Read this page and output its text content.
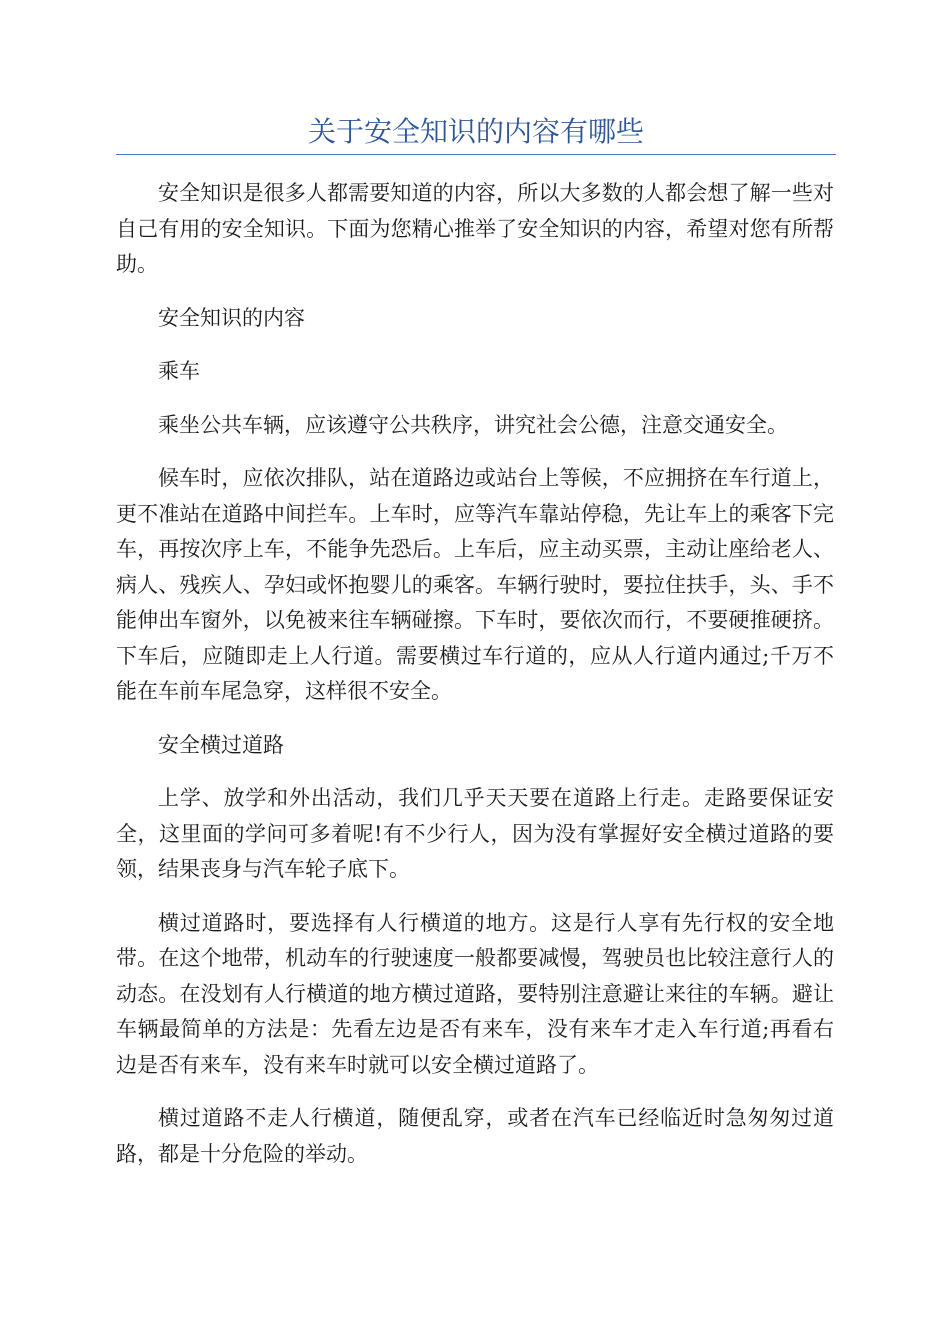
关于安全知识的内容有哪些

安全知识是很多人都需要知道的内容，所以大多数的人都会想了解一些对自己有用的安全知识。下面为您精心推举了安全知识的内容，希望对您有所帮助。

安全知识的内容

乘车

乘坐公共车辆，应该遵守公共秩序，讲究社会公德，注意交通安全。

候车时，应依次排队，站在道路边或站台上等候，不应拥挤在车行道上，更不准站在道路中间拦车。上车时，应等汽车靠站停稳，先让车上的乘客下完车，再按次序上车，不能争先恐后。上车后，应主动买票，主动让座给老人、病人、残疾人、孕妇或怀抱婴儿的乘客。车辆行驶时，要拉住扶手，头、手不能伸出车窗外，以免被来往车辆碰擦。下车时，要依次而行，不要硬推硬挤。下车后，应随即走上人行道。需要横过车行道的，应从人行道内通过;千万不能在车前车尾急穿，这样很不安全。

安全横过道路

上学、放学和外出活动，我们几乎天天要在道路上行走。走路要保证安全，这里面的学问可多着呢!有不少行人，因为没有掌握好安全横过道路的要领，结果丧身与汽车轮子底下。

横过道路时，要选择有人行横道的地方。这是行人享有先行权的安全地带。在这个地带，机动车的行驶速度一般都要减慢，驾驶员也比较注意行人的动态。在没划有人行横道的地方横过道路，要特别注意避让来往的车辆。避让车辆最简单的方法是：先看左边是否有来车，没有来车才走入车行道;再看右边是否有来车，没有来车时就可以安全横过道路了。

横过道路不走人行横道，随便乱穿，或者在汽车已经临近时急匆匆过道路，都是十分危险的举动。
